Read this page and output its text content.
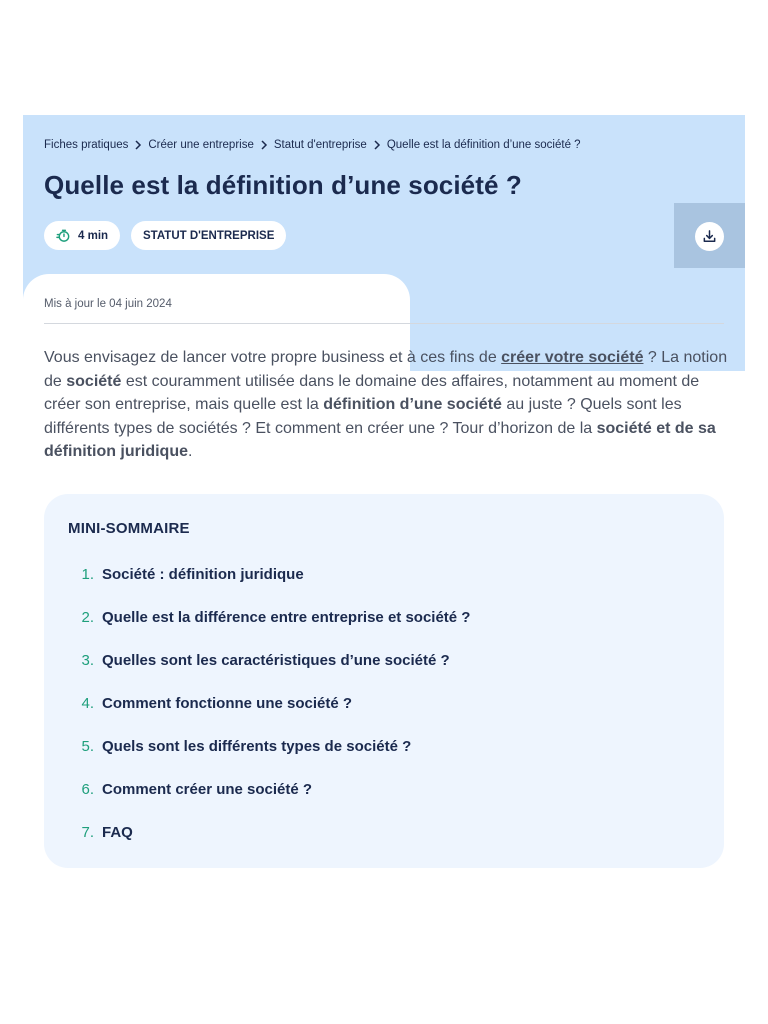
Fiches pratiques Créer une entreprise Statut d'entreprise Quelle est la définition d’une société ?
Quelle est la définition d’une société ?
4 min	STATUT D'ENTREPRISE
Mis à jour le 04 juin 2024

Vous envisagez de lancer votre propre business et à ces fins de créer votre société ? La notion de société est couramment utilisée dans le domaine des affaires, notamment au moment de créer son entreprise, mais quelle est la définition d’une société au juste ? Quels sont les différents types de sociétés ? Et comment en créer une ? Tour d’horizon de la société et de sa définition juridique.

MINI-SOMMAIRE
1. Société : définition juridique
2. Quelle est la différence entre entreprise et société ?
3. Quelles sont les caractéristiques d’une société ?
4. Comment fonctionne une société ?
5. Quels sont les différents types de société ?
6. Comment créer une société ?
7. FAQ
